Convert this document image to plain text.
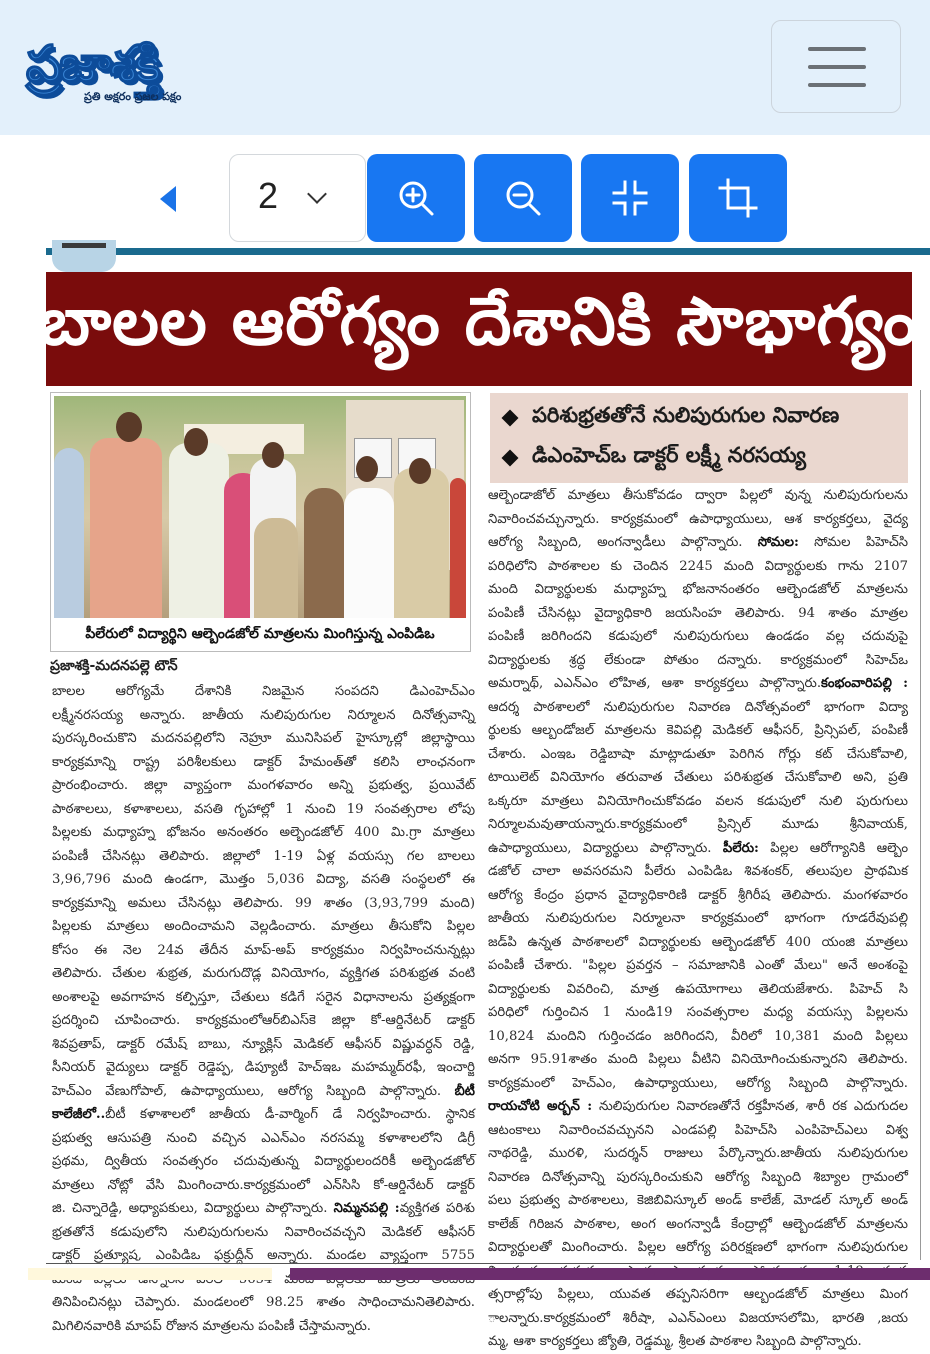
ప్రజాశక్తి
ప్రతి అక్షరం ప్రజల పక్షం
2
బాలల ఆరోగ్యం దేశానికి సౌభాగ్యం
పీలేరులో విద్యార్థిని ఆల్బెండజోల్ మాత్రలను మింగిస్తున్న ఎంపిడిఒ
పరిశుభ్రతతోనే నులిపురుగుల నివారణ
డిఎంహెచ్ఒ డాక్టర్ లక్ష్మీ నరసయ్య
ప్రజాశక్తి-మదనపల్లె టౌన్
బాలల ఆరోగ్యమే దేశానికి నిజమైన సంపదని డిఎంహెచ్ఎం
లక్ష్మీనరసయ్య అన్నారు. జాతీయ నులిపురుగుల నిర్మూలన దినోత్సవాన్ని
పురస్కరించుకొని మదనపల్లిలోని నెహ్రూ మునిసిపల్ హైస్కూల్లో జిల్లాస్థాయి
కార్యక్రమాన్ని రాష్ట్ర పరిశీలకులు డాక్టర్ హేమంత్‌తో కలిసి లాంఛనంగా
ప్రారంభించారు. జిల్లా వ్యాప్తంగా మంగళవారం అన్ని ప్రభుత్వ, ప్రయివేట్
పాఠశాలలు, కళాశాలలు, వసతి గృహాల్లో 1 నుంచి 19 సంవత్సరాల లోపు
పిల్లలకు మధ్యాహ్న భోజనం అనంతరం అల్బెండజోల్ 400 మి.గ్రా మాత్రలు
పంపిణీ చేసినట్లు తెలిపారు. జిల్లాలో 1-19 ఏళ్ల వయస్సు గల బాలలు
3,96,796 మంది ఉండగా, మొత్తం 5,036 విద్యా, వసతి సంస్థలలో ఈ
కార్యక్రమాన్ని అమలు చేసినట్లు తెలిపారు. 99 శాతం (3,93,799 మంది)
పిల్లలకు మాత్రలు అందించామని వెల్లడించారు. మాత్రలు తీసుకోని పిల్లల
కోసం ఈ నెల 24వ తేదీన మాప్-అప్ కార్యక్రమం నిర్వహించనున్నట్లు
తెలిపారు. చేతుల శుభ్రత, మరుగుదొడ్ల వినియోగం, వ్యక్తిగత పరిశుభ్రత వంటి
అంశాలపై అవగాహన కల్పిస్తూ, చేతులు కడిగే సరైన విధానాలను ప్రత్యక్షంగా
ప్రదర్శించి చూపించారు. కార్యక్రమంలోఆర్‌బిఎస్‌కె జిల్లా కో-ఆర్డినేటర్ డాక్టర్
శివప్రతాప్, డాక్టర్ రమేష్ బాబు, న్యూక్లిస్ మెడికల్ ఆఫీసర్ విష్ణువర్ధన్ రెడ్డి,
సీనియర్ వైద్యులు డాక్టర్ రెడ్డెప్ప, డిప్యూటీ హెచ్ఇఒ మహమ్మద్‌రఫీ, ఇంచార్జి
హెచ్ఎం వేణుగోపాల్, ఉపాధ్యాయులు, ఆరోగ్య సిబ్బంది పాల్గొన్నారు. బీటీ
కాలేజీలో..బీటీ కళాశాలలో జాతీయ డీ-వార్మింగ్ డే నిర్వహించారు. స్థానిక
ప్రభుత్వ ఆసుపత్రి నుంచి వచ్చిన ఎఎన్ఎం నరసమ్మ కళాశాలలోని డిగ్రీ
ప్రథమ, ద్వితీయ సంవత్సరం చదువుతున్న విద్యార్థులందరికీ అల్బెండజోల్
మాత్రలు నోట్లో వేసి మింగించారు.కార్యక్రమంలో ఎన్‌సిసి కో-ఆర్డినేటర్ డాక్టర్
జి. చిన్నారెడ్డి, అధ్యాపకులు, విద్యార్థులు పాల్గొన్నారు. నిమ్మనపల్లి :వ్యక్తిగత పరిశు
భ్రతతోనే కడుపులోని నులిపురుగులను నివారించవచ్చని మెడికల్ ఆఫీసర్
డాక్టర్ ప్రత్యూష, ఎంపిడిఒ ఫక్రుద్దీన్ అన్నారు. మండల వ్యాప్తంగా 5755
తినిపించినట్లు చెప్పారు. మండలంలో 98.25 శాతం సాధించామనితెలిపారు.
మిగిలినవారికి మాపప్ రోజున మాత్రలను పంపిణీ చేస్తామన్నారు.
ఆల్బెండాజోల్ మాత్రలు తీసుకోవడం ద్వారా పిల్లలో వున్న నులిపురుగులను
నివారించవచ్చున్నారు. కార్యక్రమంలో ఉపాధ్యాయులు, ఆశ కార్యకర్తలు, వైద్య
ఆరోగ్య సిబ్బంది, అంగన్వాడీలు పాల్గొన్నారు. సోమల: సోమల పిహెచ్‌సి
పరిధిలోని పాఠశాలల కు చెందిన 2245 మంది విద్యార్థులకు గాను 2107
మంది విద్యార్థులకు మధ్యాహ్న భోజనానంతరం ఆల్బెండజోల్ మాత్రలను
పంపిణీ చేసినట్లు వైద్యాధికారి జయసింహ తెలిపారు. 94 శాతం మాత్రల
పంపిణీ జరిగిందని కడుపులో నులిపురుగులు ఉండడం వల్ల చదువుపై
విద్యార్థులకు శ్రద్ధ లేకుండా పోతుం దన్నారు. కార్యక్రమంలో సిహెచ్ఒ
అమర్నాథ్, ఎఎన్ఎం లోహిత, ఆశా కార్యకర్తలు పాల్గొన్నారు.కంభంవారిపల్లి :
ఆదర్శ పాఠశాలలో నులిపురుగుల నివారణ దినోత్సవంలో భాగంగా విద్యా
ర్థులకు ఆల్బండోజల్ మాత్రలను కెవిపల్లి మెడికల్ ఆఫీసర్, ప్రిన్సిపల్, పంపిణీ
చేశారు. ఎంఇఒ రెడ్డిబాషా మాట్లాడుతూ పెరిగిన గోర్లు కట్ చేసుకోవాలి,
టాయిలెట్ వినియోగం తరువాత చేతులు పరిశుభ్రత చేసుకోవాలి అని, ప్రతి
ఒక్కరూ మాత్రలు వినియోగించుకోవడం వలన కడుపులో నులి పురుగులు
నిర్మూలమవుతాయన్నారు.కార్యక్రమంలో ప్రిన్సిల్ మూడు శ్రీనివాయక్,
ఉపాధ్యాయులు, విద్యార్థులు పాల్గొన్నారు. పీలేరు: పిల్లల ఆరోగ్యానికి ఆల్బెం
డజోల్ చాలా అవసరమని పీలేరు ఎంపిడిఒ శివశంకర్, తలుపుల ప్రాథమిక
ఆరోగ్య కేంద్రం ప్రధాన వైద్యాధికారిణి డాక్టర్ శ్రీగిరీష తెలిపారు. మంగళవారం
జాతీయ నులిపురుగుల నిర్మూలనా కార్యక్రమంలో భాగంగా గూడరేవుపల్లి
జడ్‌పి ఉన్నత పాఠశాలలో విద్యార్థులకు ఆల్బెండజోల్ 400 యంజి మాత్రలు
పంపిణీ చేశారు. "పిల్లల ప్రవర్తన – సమాజానికి ఎంతో మేలు" అనే అంశంపై
విద్యార్థులకు వివరించి, మాత్ర ఉపయోగాలు తెలియజేశారు. పిహెచ్ సి
పరిధిలో గుర్తించిన 1 నుండి19 సంవత్సరాల మధ్య వయస్సు పిల్లలను
10,824 మందిని గుర్తించడం జరిగిందని, వీరిలో 10,381 మంది పిల్లలు
అనగా 95.91శాతం మంది పిల్లలు వీటిని వినియోగించుకున్నారని తెలిపారు.
కార్యక్రమంలో హెచ్ఎం, ఉపాధ్యాయులు, ఆరోగ్య సిబ్బంది పాల్గొన్నారు.
రాయచోటి అర్బన్ : నులిపురుగుల నివారణతోనే రక్తహీనత, శారీ రక ఎదుగుదల
ఆటంకాలు నివారించవచ్చునని ఎండపల్లి పిహెచ్‌సి ఎంపిహెచ్‌ఎలు విశ్వ
నాథరెడ్డి, మురళి, సుదర్శన్ రాజులు పేర్కొన్నారు.జాతీయ నులిపురుగుల
నివారణ దినోత్సవాన్ని పురస్కరించుకుని ఆరోగ్య సిబ్బంది శిబ్యాల గ్రామంలో
పలు ప్రభుత్వ పాఠశాలలు, కెజిబివిస్కూల్ అండ్ కాలేజ్, మోడల్ స్కూల్ అండ్
కాలేజ్ గిరిజన పాఠశాల, అంగ అంగన్వాడీ కేంద్రాల్లో ఆల్బెండజోల్ మాత్రలను
విద్యార్థులతో మింగించారు. పిల్లల ఆరోగ్య పరిరక్షణలో భాగంగా నులిపురుగుల
త్సరాల్లోపు పిల్లలు, యువత తప్పనిసరిగా ఆల్బండజోల్ మాత్రలు మింగ
ాలన్నారు.కార్యక్రమంలో శిరీషా, ఎఎన్ఎంలు విజయాసలోమి, భారతి ,జయ
మ్మ, ఆశా కార్యకర్తలు జ్యోతి, రెడ్డమ్మ, శ్రీలత పాఠశాల సిబ్బంది పాల్గొన్నారు.
